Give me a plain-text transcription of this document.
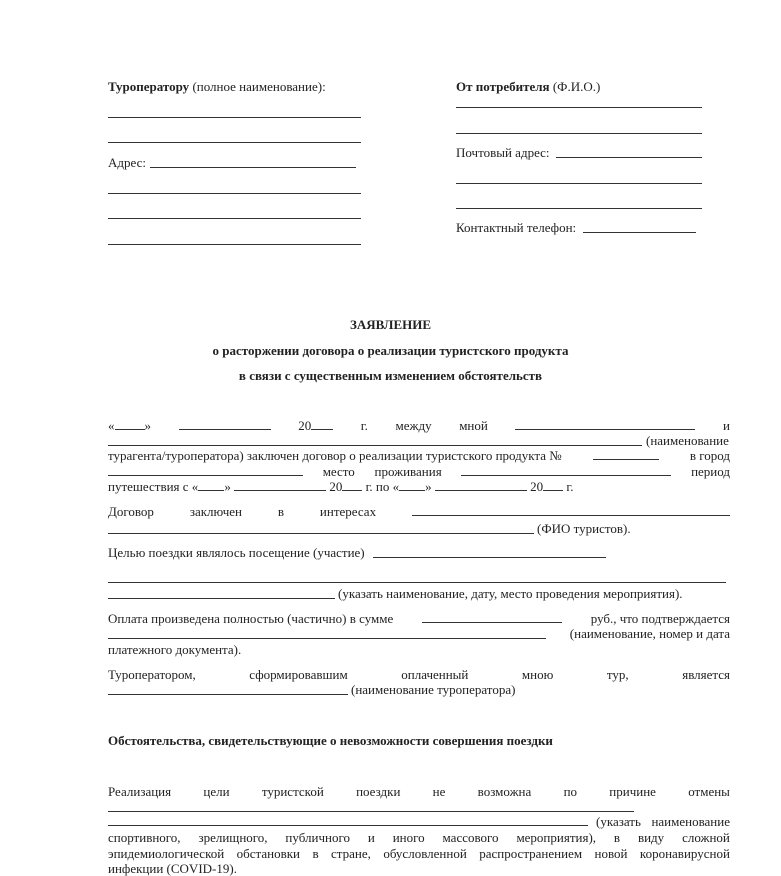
Туроператору (полное наименование):
Адрес:
От потребителя (Ф.И.О.)
Почтовый адрес:
Контактный телефон:
ЗАЯВЛЕНИЕ
о расторжении договора о реализации туристского продукта
в связи с существенным изменением обстоятельств
« »	20	г. между мной	и
(наименование
турагента/туроператора) заключен договор о реализации туристского продукта №	в город
место проживания	период
путешествия с « »	20 г. по « »	20 г.
Договор	заключен	в	интересах
(ФИО туристов).
Целью поездки являлось посещение (участие)
(указать наименование, дату, место проведения мероприятия).
Оплата произведена полностью (частично) в сумме	руб., что подтверждается
(наименование, номер и дата
платежного документа).
Туроператором,	сформировавшим	оплаченный	мною	тур,	является
(наименование туроператора)
Обстоятельства, свидетельствующие о невозможности совершения поездки
Реализация цели туристской поездки не возможна по причине отмены
(указать наименование
спортивного, зрелищного, публичного и иного массового мероприятия), в виду сложной
эпидемиологической обстановки в стране, обусловленной распространением новой коронавирусной
инфекции (COVID-19).
